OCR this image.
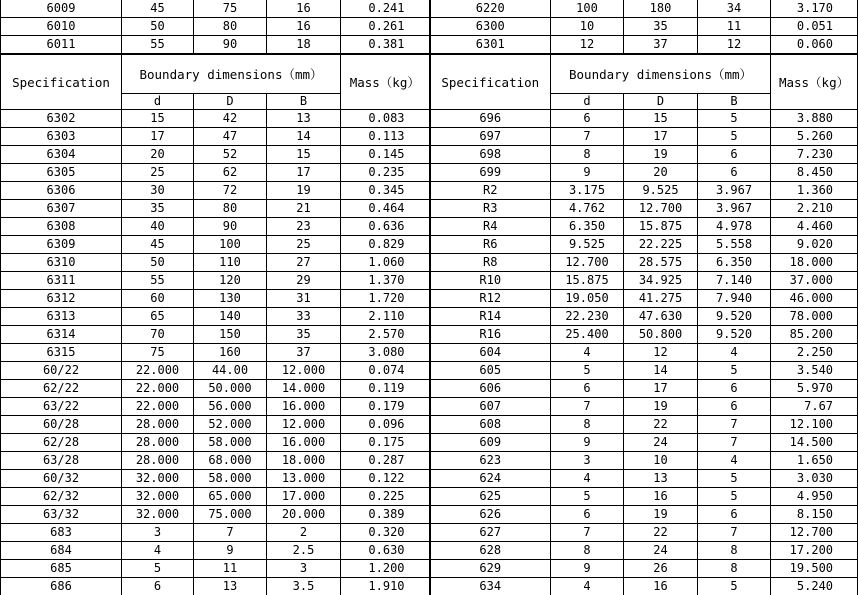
6009	45	75	16	0.241	6220	100	180	34	3.170
6010	50	80	16	0.261	6300	10	35	11	0.051
6011	55	90	18	0.381	6301	12	37	12	0.060
Specification	Boundary dimensions（mm）			Mass（kg）	Specification	Boundary dimensions（mm）			Mass（kg）
	d	D	B			d	D	B	
6302	15	42	13	0.083	696	6	15	5	3.880
6303	17	47	14	0.113	697	7	17	5	5.260
6304	20	52	15	0.145	698	8	19	6	7.230
6305	25	62	17	0.235	699	9	20	6	8.450
6306	30	72	19	0.345	R2	3.175	9.525	3.967	1.360
6307	35	80	21	0.464	R3	4.762	12.700	3.967	2.210
6308	40	90	23	0.636	R4	6.350	15.875	4.978	4.460
6309	45	100	25	0.829	R6	9.525	22.225	5.558	9.020
6310	50	110	27	1.060	R8	12.700	28.575	6.350	18.000
6311	55	120	29	1.370	R10	15.875	34.925	7.140	37.000
6312	60	130	31	1.720	R12	19.050	41.275	7.940	46.000
6313	65	140	33	2.110	R14	22.230	47.630	9.520	78.000
6314	70	150	35	2.570	R16	25.400	50.800	9.520	85.200
6315	75	160	37	3.080	604	4	12	4	2.250
60/22	22.000	44.00	12.000	0.074	605	5	14	5	3.540
62/22	22.000	50.000	14.000	0.119	606	6	17	6	5.970
63/22	22.000	56.000	16.000	0.179	607	7	19	6	7.67
60/28	28.000	52.000	12.000	0.096	608	8	22	7	12.100
62/28	28.000	58.000	16.000	0.175	609	9	24	7	14.500
63/28	28.000	68.000	18.000	0.287	623	3	10	4	1.650
60/32	32.000	58.000	13.000	0.122	624	4	13	5	3.030
62/32	32.000	65.000	17.000	0.225	625	5	16	5	4.950
63/32	32.000	75.000	20.000	0.389	626	6	19	6	8.150
683	3	7	2	0.320	627	7	22	7	12.700
684	4	9	2.5	0.630	628	8	24	8	17.200
685	5	11	3	1.200	629	9	26	8	19.500
686	6	13	3.5	1.910	634	4	16	5	5.240
